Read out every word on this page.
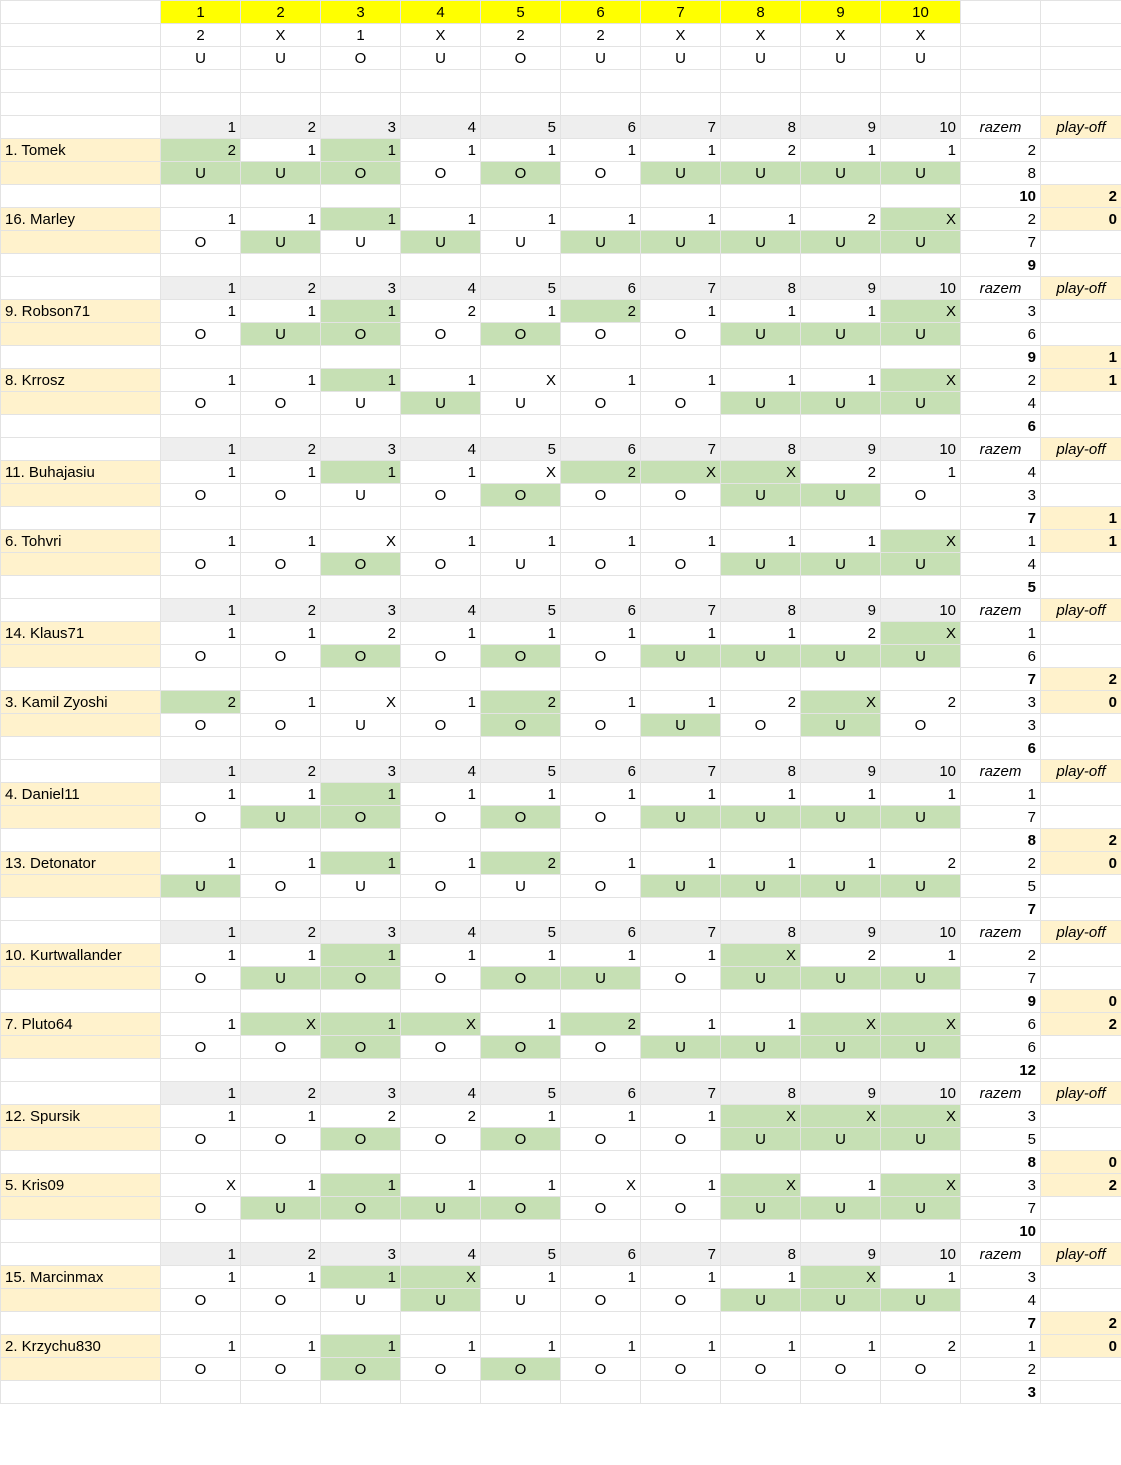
	1	2	3	4	5	6	7	8	9	10		
	2	X	1	X	2	2	X	X	X	X		
	U	U	O	U	O	U	U	U	U	U		

	1	2	3	4	5	6	7	8	9	10	razem	play-off
1. Tomek	2	1	1	1	1	1	1	2	1	1	2	
	U	U	O	O	O	O	U	U	U	U	8	
											10	2
16. Marley	1	1	1	1	1	1	1	1	2	X	2	0
	O	U	U	U	U	U	U	U	U	U	7	
											9	
	1	2	3	4	5	6	7	8	9	10	razem	play-off
9. Robson71	1	1	1	2	1	2	1	1	1	X	3	
	O	U	O	O	O	O	O	U	U	U	6	
											9	1
8. Krrosz	1	1	1	1	X	1	1	1	1	X	2	1
	O	O	U	U	U	O	O	U	U	U	4	
											6	
	1	2	3	4	5	6	7	8	9	10	razem	play-off
11. Buhajasiu	1	1	1	1	X	2	X	X	2	1	4	
	O	O	U	O	O	O	O	U	U	O	3	
											7	1
6. Tohvri	1	1	X	1	1	1	1	1	1	X	1	1
	O	O	O	O	U	O	O	U	U	U	4	
											5	
	1	2	3	4	5	6	7	8	9	10	razem	play-off
14. Klaus71	1	1	2	1	1	1	1	1	2	X	1	
	O	O	O	O	O	O	U	U	U	U	6	
											7	2
3. Kamil Zyoshi	2	1	X	1	2	1	1	2	X	2	3	0
	O	O	U	O	O	O	U	O	U	O	3	
											6	
	1	2	3	4	5	6	7	8	9	10	razem	play-off
4. Daniel11	1	1	1	1	1	1	1	1	1	1	1	
	O	U	O	O	O	O	U	U	U	U	7	
											8	2
13. Detonator	1	1	1	1	2	1	1	1	1	2	2	0
	U	O	U	O	U	O	U	U	U	U	5	
											7	
	1	2	3	4	5	6	7	8	9	10	razem	play-off
10. Kurtwallander	1	1	1	1	1	1	1	X	2	1	2	
	O	U	O	O	O	U	O	U	U	U	7	
											9	0
7. Pluto64	1	X	1	X	1	2	1	1	X	X	6	2
	O	O	O	O	O	O	U	U	U	U	6	
											12	
	1	2	3	4	5	6	7	8	9	10	razem	play-off
12. Spursik	1	1	2	2	1	1	1	X	X	X	3	
	O	O	O	O	O	O	O	U	U	U	5	
											8	0
5. Kris09	X	1	1	1	1	X	1	X	1	X	3	2
	O	U	O	U	O	O	O	U	U	U	7	
											10	
	1	2	3	4	5	6	7	8	9	10	razem	play-off
15. Marcinmax	1	1	1	X	1	1	1	1	X	1	3	
	O	O	U	U	U	O	O	U	U	U	4	
											7	2
2. Krzychu830	1	1	1	1	1	1	1	1	1	2	1	0
	O	O	O	O	O	O	O	O	O	O	2	
											3	
